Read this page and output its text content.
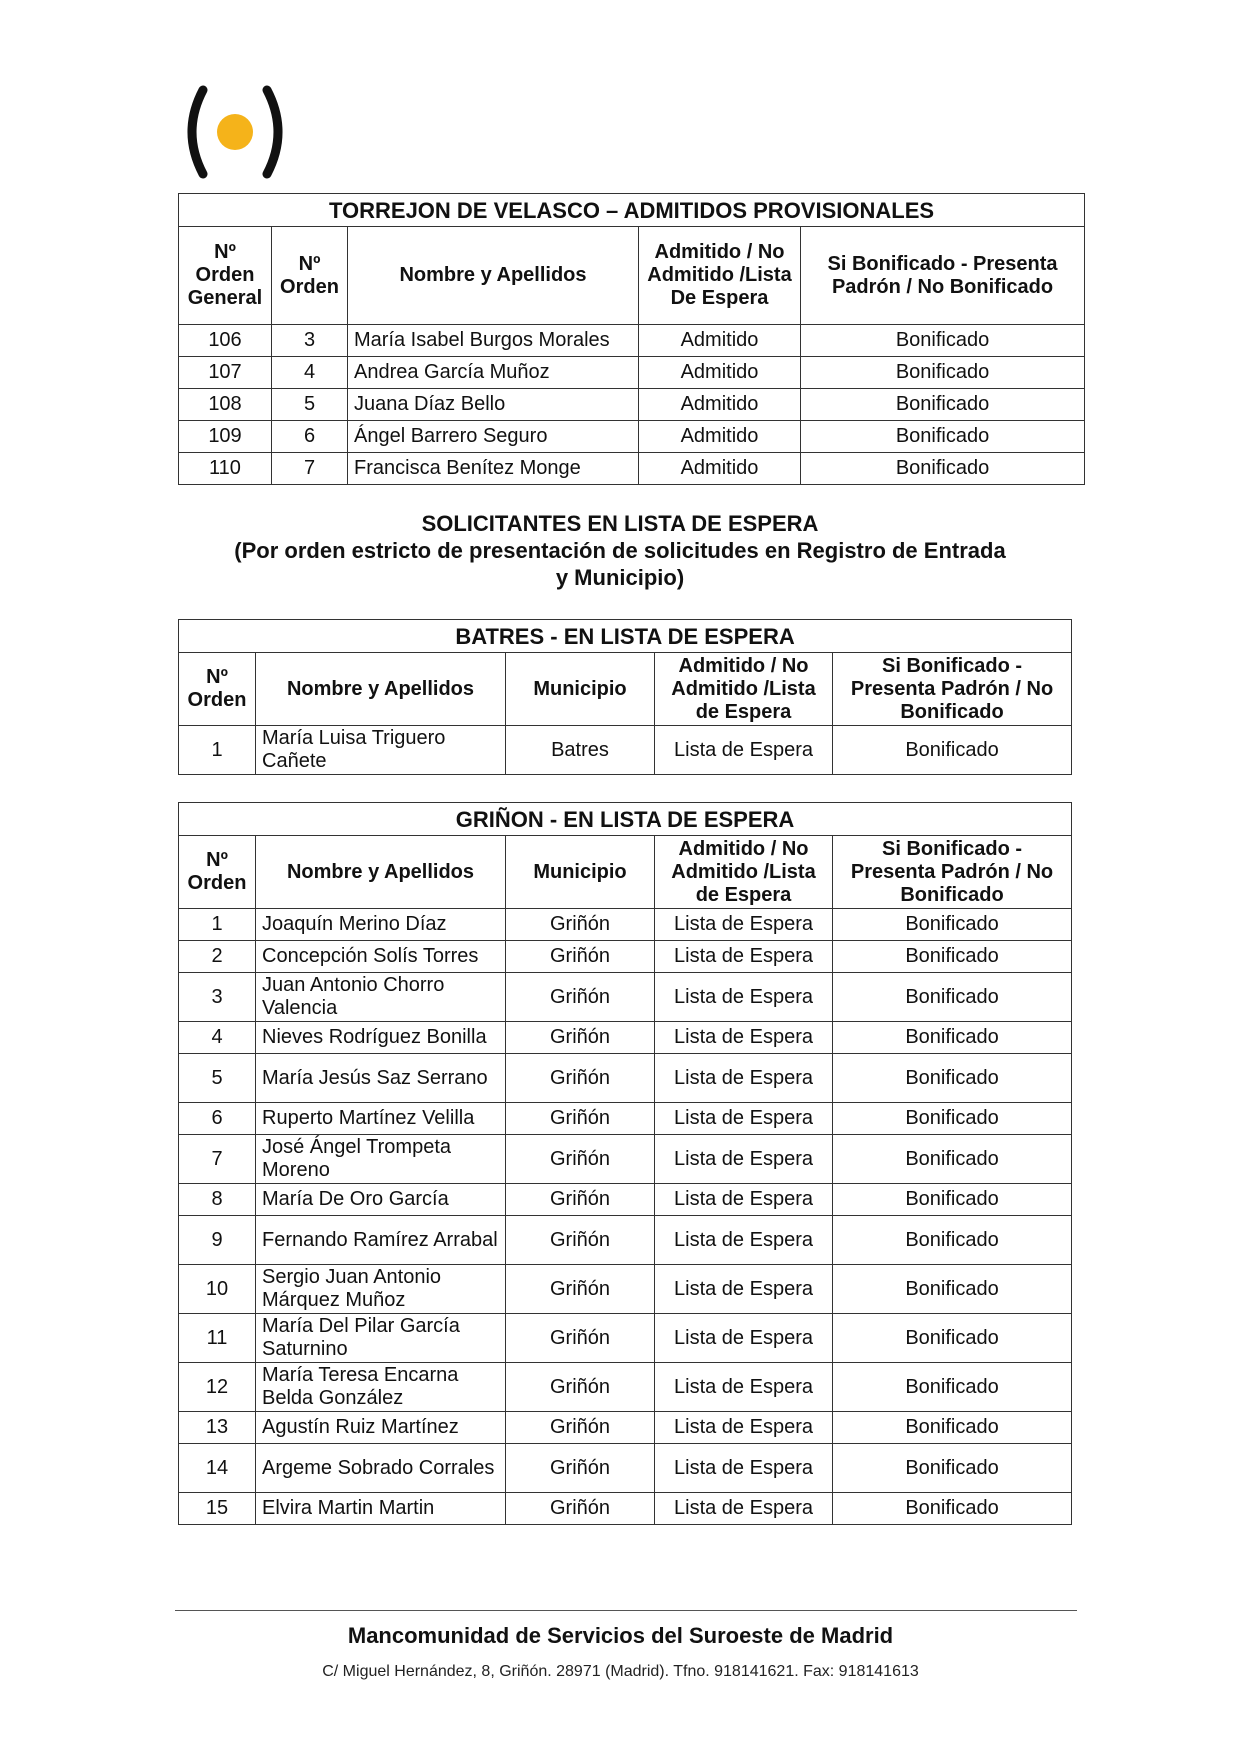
TORREJON DE VELASCO – ADMITIDOS PROVISIONALES				
Nº Orden General	Nº Orden	Nombre y Apellidos	Admitido / No Admitido /Lista De Espera	Si Bonificado - Presenta Padrón / No Bonificado
106	3	María Isabel Burgos Morales	Admitido	Bonificado
107	4	Andrea García Muñoz	Admitido	Bonificado
108	5	Juana Díaz Bello	Admitido	Bonificado
109	6	Ángel Barrero Seguro	Admitido	Bonificado
110	7	Francisca Benítez Monge	Admitido	Bonificado
SOLICITANTES EN LISTA DE ESPERA
(Por orden estricto de presentación de solicitudes en Registro de Entrada y Municipio)
BATRES - EN LISTA DE ESPERA				
Nº Orden	Nombre y Apellidos	Municipio	Admitido / No Admitido /Lista de Espera	Si Bonificado - Presenta Padrón / No Bonificado
1	María Luisa Triguero Cañete	Batres	Lista de Espera	Bonificado
GRIÑON - EN LISTA DE ESPERA				
Nº Orden	Nombre y Apellidos	Municipio	Admitido / No Admitido /Lista de Espera	Si Bonificado - Presenta Padrón / No Bonificado
1	Joaquín Merino Díaz	Griñón	Lista de Espera	Bonificado
2	Concepción Solís Torres	Griñón	Lista de Espera	Bonificado
3	Juan Antonio Chorro Valencia	Griñón	Lista de Espera	Bonificado
4	Nieves Rodríguez Bonilla	Griñón	Lista de Espera	Bonificado
5	María Jesús Saz Serrano	Griñón	Lista de Espera	Bonificado
6	Ruperto Martínez Velilla	Griñón	Lista de Espera	Bonificado
7	José Ángel Trompeta Moreno	Griñón	Lista de Espera	Bonificado
8	María De Oro García	Griñón	Lista de Espera	Bonificado
9	Fernando Ramírez Arrabal	Griñón	Lista de Espera	Bonificado
10	Sergio Juan Antonio Márquez Muñoz	Griñón	Lista de Espera	Bonificado
11	María Del Pilar García Saturnino	Griñón	Lista de Espera	Bonificado
12	María Teresa Encarna Belda González	Griñón	Lista de Espera	Bonificado
13	Agustín Ruiz Martínez	Griñón	Lista de Espera	Bonificado
14	Argeme Sobrado Corrales	Griñón	Lista de Espera	Bonificado
15	Elvira Martin Martin	Griñón	Lista de Espera	Bonificado
Mancomunidad de Servicios del Suroeste de Madrid
C/ Miguel Hernández, 8, Griñón. 28971 (Madrid). Tfno. 918141621. Fax: 918141613
